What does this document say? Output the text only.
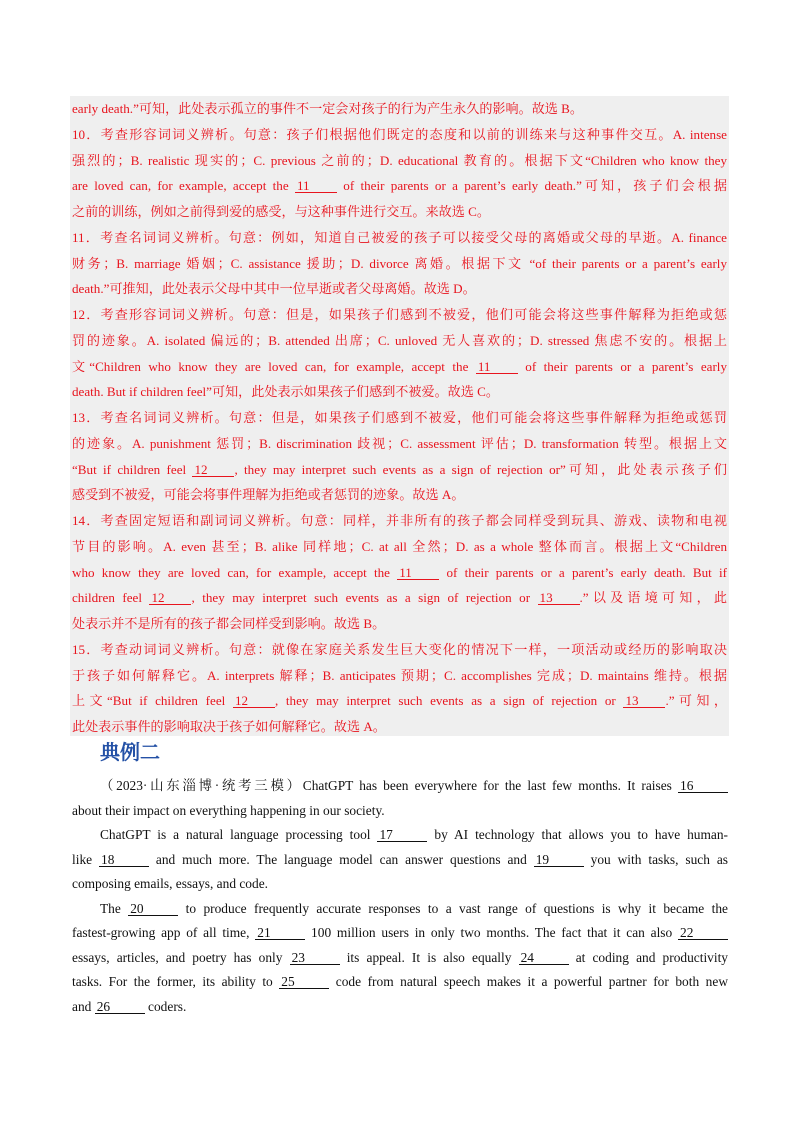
early death.”可知，此处表示孤立的事件不一定会对孩子的行为产生永久的影响。故选 B。
10．考查形容词词义辨析。句意：孩子们根据他们既定的态度和以前的训练来与这种事件交互。A. intense
强烈的；B. realistic 现实的；C. previous 之前的；D. educational 教育的。根据下文“Children who know they
are loved can, for example, accept the 11 of their parents or a parent’s early death.”可知，孩子们会根据
之前的训练，例如之前得到爱的感受，与这种事件进行交互。来故选 C。
11．考查名词词义辨析。句意：例如，知道自己被爱的孩子可以接受父母的离婚或父母的早逝。A. finance
财务；B. marriage 婚姻；C. assistance 援助；D. divorce 离婚。根据下文 “of their parents or a parent’s early
death.”可推知，此处表示父母中其中一位早逝或者父母离婚。故选 D。
12．考查形容词词义辨析。句意：但是，如果孩子们感到不被爱，他们可能会将这些事件解释为拒绝或惩
罚的迹象。A. isolated 偏远的；B. attended 出席；C. unloved 无人喜欢的；D. stressed 焦虑不安的。根据上
文“Children who know they are loved can, for example, accept the 11 of their parents or a parent’s early
death. But if children feel”可知，此处表示如果孩子们感到不被爱。故选 C。
13．考查名词词义辨析。句意：但是，如果孩子们感到不被爱，他们可能会将这些事件解释为拒绝或惩罚
的迹象。A. punishment 惩罚；B. discrimination 歧视；C. assessment 评估；D. transformation 转型。根据上文
“But if children feel 12 , they may interpret such events as a sign of rejection or”可知，此处表示孩子们
感受到不被爱，可能会将事件理解为拒绝或者惩罚的迹象。故选 A。
14．考查固定短语和副词词义辨析。句意：同样，并非所有的孩子都会同样受到玩具、游戏、读物和电视
节目的影响。A. even 甚至；B. alike 同样地；C. at all 全然；D. as a whole 整体而言。根据上文“Children
who know they are loved can, for example, accept the 11 of their parents or a parent’s early death. But if
children feel 12 , they may interpret such events as a sign of rejection or 13 .”以及语境可知，此
处表示并不是所有的孩子都会同样受到影响。故选 B。
15．考查动词词义辨析。句意：就像在家庭关系发生巨大变化的情况下一样，一项活动或经历的影响取决
于孩子如何解释它。A. interprets 解释；B. anticipates 预期；C. accomplishes 完成；D. maintains 维持。根据
上文“But if children feel 12 , they may interpret such events as a sign of rejection or 13 .”可知，
此处表示事件的影响取决于孩子如何解释它。故选 A。
典例二
（2023·山东淄博·统考三模）ChatGPT has been everywhere for the last few months. It raises 16
about their impact on everything happening in our society.
ChatGPT is a natural language processing tool 17	by AI technology that allows you to have human-
like 18	and much more. The language model can answer questions and 19	you with tasks, such as
composing emails, essays, and code.
The 20	to produce frequently accurate responses to a vast range of questions is why it became the
fastest-growing app of all time, 21	100 million users in only two months. The fact that it can also 22
essays, articles, and poetry has only 23	its appeal. It is also equally 24	at coding and productivity
tasks. For the former, its ability to 25	code from natural speech makes it a powerful partner for both new
and 26	coders.
